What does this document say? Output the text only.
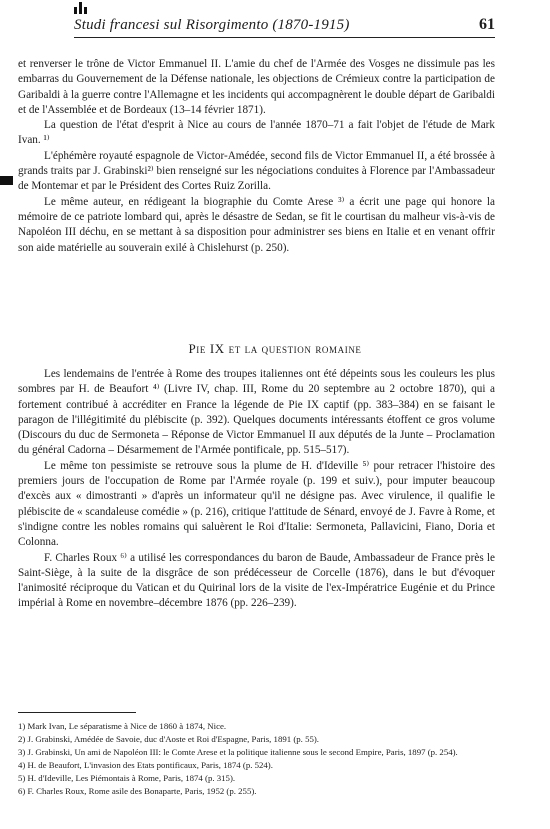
Studi francesi sul Risorgimento (1870-1915)	61

et renverser le trône de Victor Emmanuel II. L'amie du chef de l'Armée des Vosges ne dissimule pas les embarras du Gouvernement de la Défense nationale, les objections de Crémieux contre la participation de Garibaldi à la guerre contre l'Allemagne et les incidents qui accompagnèrent le double départ de Garibaldi et de l'Assemblée et de Bordeaux (13–14 février 1871).

La question de l'état d'esprit à Nice au cours de l'année 1870–71 a fait l'objet de l'étude de Mark Ivan. ¹⁾

L'éphémère royauté espagnole de Victor-Amédée, second fils de Victor Emmanuel II, a été brossée à grands traits par J. Grabinski²⁾ bien renseigné sur les négociations conduites à Florence par l'Ambassadeur de Montemar et par le Président des Cortes Ruiz Zorilla.

Le même auteur, en rédigeant la biographie du Comte Arese ³⁾ a écrit une page qui honore la mémoire de ce patriote lombard qui, après le désastre de Sedan, se fit le courtisan du malheur vis-à-vis de Napoléon III déchu, en se mettant à sa disposition pour administrer ses biens en Italie et en venant offrir son aide matérielle au souverain exilé à Chislehurst (p. 250).

Pie IX et la question romaine

Les lendemains de l'entrée à Rome des troupes italiennes ont été dépeints sous les couleurs les plus sombres par H. de Beaufort ⁴⁾ (Livre IV, chap. III, Rome du 20 septembre au 2 octobre 1870), qui a fortement contribué à accréditer en France la légende de Pie IX captif (pp. 383–384) en se faisant le paragon de l'illégitimité du plébiscite (p. 392). Quelques documents intéressants étoffent ce gros volume (Discours du duc de Sermoneta – Réponse de Victor Emmanuel II aux députés de la Junte – Proclamation du général Cadorna – Désarmement de l'Armée pontificale, pp. 515–517).

Le même ton pessimiste se retrouve sous la plume de H. d'Ideville ⁵⁾ pour retracer l'histoire des premiers jours de l'occupation de Rome par l'Armée royale (p. 199 et suiv.), pour imputer beaucoup d'excès aux « dimostranti » d'après un informateur qu'il ne désigne pas. Avec virulence, il qualifie le plébiscite de « scandaleuse comédie » (p. 216), critique l'attitude de Sénard, envoyé de J. Favre à Rome, et s'indigne contre les nobles romains qui saluèrent le Roi d'Italie: Sermoneta, Pallavicini, Fiano, Doria et Colonna.

F. Charles Roux ⁶⁾ a utilisé les correspondances du baron de Baude, Ambassadeur de France près le Saint-Siège, à la suite de la disgrâce de son prédécesseur de Corcelle (1876), dans le but d'évoquer l'animosité réciproque du Vatican et du Quirinal lors de la visite de l'ex-Impératrice Eugénie et du Prince impérial à Rome en novembre–décembre 1876 (pp. 226–239).

1) Mark Ivan, Le séparatisme à Nice de 1860 à 1874, Nice.
2) J. Grabinski, Amédée de Savoie, duc d'Aoste et Roi d'Espagne, Paris, 1891 (p. 55).
3) J. Grabinski, Un ami de Napoléon III: le Comte Arese et la politique italienne sous le second Empire, Paris, 1897 (p. 254).
4) H. de Beaufort, L'invasion des Etats pontificaux, Paris, 1874 (p. 524).
5) H. d'Ideville, Les Piémontais à Rome, Paris, 1874 (p. 315).
6) F. Charles Roux, Rome asile des Bonaparte, Paris, 1952 (p. 255).
